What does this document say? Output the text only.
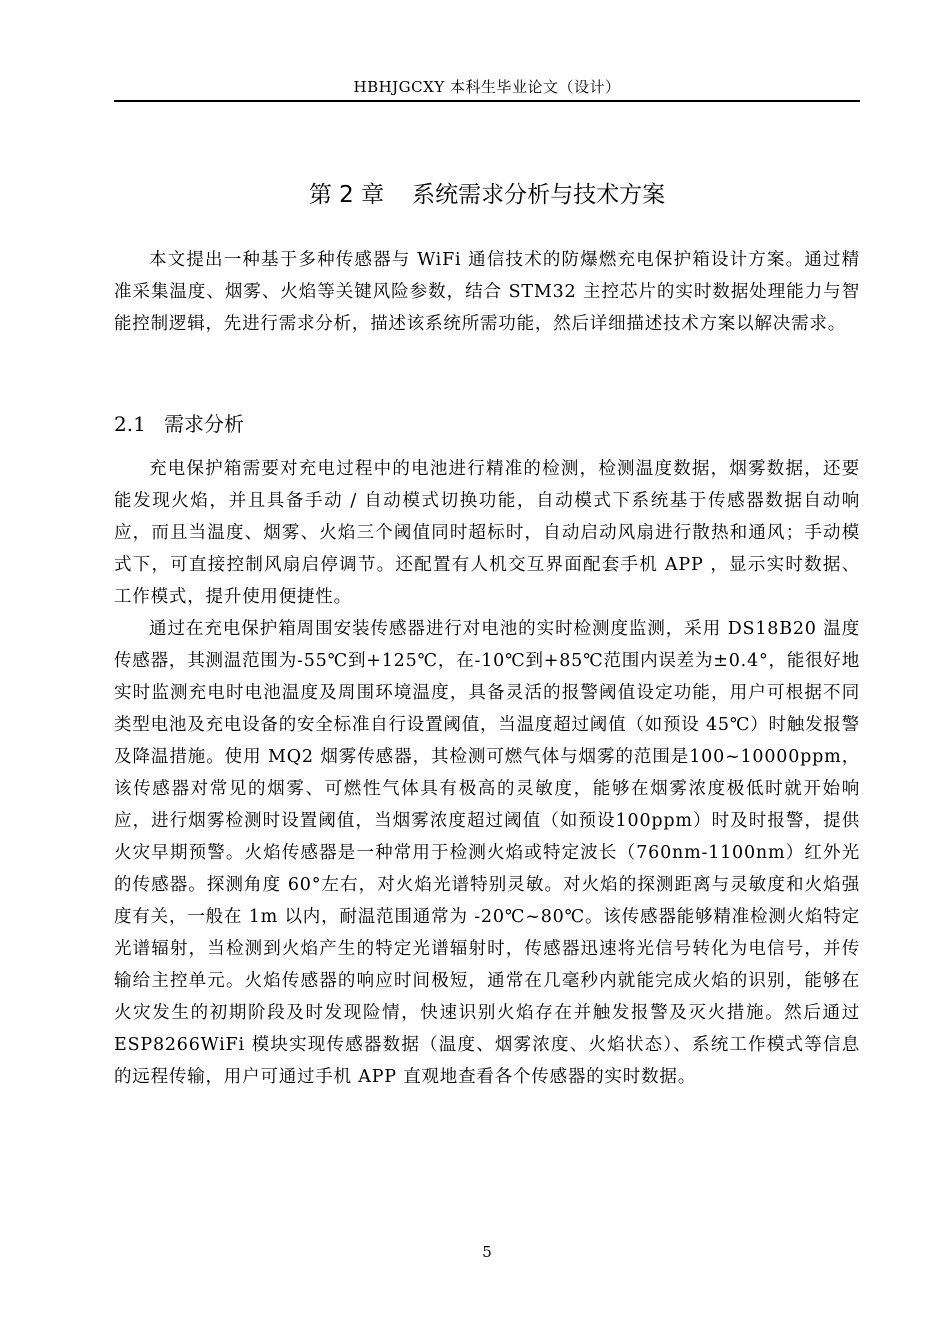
HBHJGCXY 本科生毕业论文（设计）
第 2 章 系统需求分析与技术方案

本文提出一种基于多种传感器与 WiFi 通信技术的防爆燃充电保护箱设计方案。通过精准采集温度、烟雾、火焰等关键风险参数，结合 STM32 主控芯片的实时数据处理能力与智能控制逻辑，先进行需求分析，描述该系统所需功能，然后详细描述技术方案以解决需求。

2.1 需求分析

充电保护箱需要对充电过程中的电池进行精准的检测，检测温度数据，烟雾数据，还要能发现火焰，并且具备手动 / 自动模式切换功能，自动模式下系统基于传感器数据自动响应，而且当温度、烟雾、火焰三个阈值同时超标时，自动启动风扇进行散热和通风；手动模式下，可直接控制风扇启停调节。还配置有人机交互界面配套手机 APP ，显示实时数据、工作模式，提升使用便捷性。

通过在充电保护箱周围安装传感器进行对电池的实时检测度监测，采用 DS18B20 温度传感器，其测温范围为-55℃到+125℃，在-10℃到+85℃范围内误差为±0.4°，能很好地实时监测充电时电池温度及周围环境温度，具备灵活的报警阈值设定功能，用户可根据不同类型电池及充电设备的安全标准自行设置阈值，当温度超过阈值（如预设 45℃）时触发报警及降温措施。使用 MQ2 烟雾传感器，其检测可燃气体与烟雾的范围是100~10000ppm，该传感器对常见的烟雾、可燃性气体具有极高的灵敏度，能够在烟雾浓度极低时就开始响应，进行烟雾检测时设置阈值，当烟雾浓度超过阈值（如预设100ppm）时及时报警，提供火灾早期预警。火焰传感器是一种常用于检测火焰或特定波长（760nm-1100nm）红外光的传感器。探测角度 60°左右，对火焰光谱特别灵敏。对火焰的探测距离与灵敏度和火焰强度有关，一般在 1m 以内，耐温范围通常为 -20℃~80℃。该传感器能够精准检测火焰特定光谱辐射，当检测到火焰产生的特定光谱辐射时，传感器迅速将光信号转化为电信号，并传输给主控单元。火焰传感器的响应时间极短，通常在几毫秒内就能完成火焰的识别，能够在火灾发生的初期阶段及时发现险情，快速识别火焰存在并触发报警及灭火措施。然后通过 ESP8266WiFi 模块实现传感器数据（温度、烟雾浓度、火焰状态）、系统工作模式等信息的远程传输，用户可通过手机 APP 直观地查看各个传感器的实时数据。

5
